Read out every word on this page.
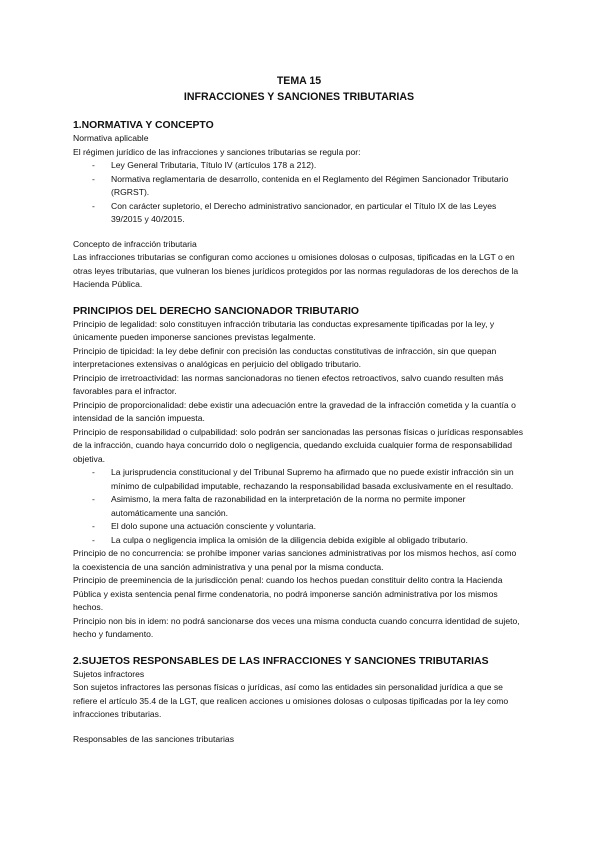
TEMA 15

INFRACCIONES Y SANCIONES TRIBUTARIAS

1.NORMATIVA Y CONCEPTO

Normativa aplicable

El régimen jurídico de las infracciones y sanciones tributarias se regula por:

- Ley General Tributaria, Título IV (artículos 178 a 212).
- Normativa reglamentaria de desarrollo, contenida en el Reglamento del Régimen Sancionador Tributario (RGRST).
- Con carácter supletorio, el Derecho administrativo sancionador, en particular el Título IX de las Leyes 39/2015 y 40/2015.

Concepto de infracción tributaria

Las infracciones tributarias se configuran como acciones u omisiones dolosas o culposas, tipificadas en la LGT o en otras leyes tributarias, que vulneran los bienes jurídicos protegidos por las normas reguladoras de los derechos de la Hacienda Pública.

PRINCIPIOS DEL DERECHO SANCIONADOR TRIBUTARIO

Principio de legalidad: solo constituyen infracción tributaria las conductas expresamente tipificadas por la ley, y únicamente pueden imponerse sanciones previstas legalmente.

Principio de tipicidad: la ley debe definir con precisión las conductas constitutivas de infracción, sin que quepan interpretaciones extensivas o analógicas en perjuicio del obligado tributario.

Principio de irretroactividad: las normas sancionadoras no tienen efectos retroactivos, salvo cuando resulten más favorables para el infractor.

Principio de proporcionalidad: debe existir una adecuación entre la gravedad de la infracción cometida y la cuantía o intensidad de la sanción impuesta.

Principio de responsabilidad o culpabilidad: solo podrán ser sancionadas las personas físicas o jurídicas responsables de la infracción, cuando haya concurrido dolo o negligencia, quedando excluida cualquier forma de responsabilidad objetiva.

- La jurisprudencia constitucional y del Tribunal Supremo ha afirmado que no puede existir infracción sin un mínimo de culpabilidad imputable, rechazando la responsabilidad basada exclusivamente en el resultado.
- Asimismo, la mera falta de razonabilidad en la interpretación de la norma no permite imponer automáticamente una sanción.
- El dolo supone una actuación consciente y voluntaria.
- La culpa o negligencia implica la omisión de la diligencia debida exigible al obligado tributario.

Principio de no concurrencia: se prohíbe imponer varias sanciones administrativas por los mismos hechos, así como la coexistencia de una sanción administrativa y una penal por la misma conducta.

Principio de preeminencia de la jurisdicción penal: cuando los hechos puedan constituir delito contra la Hacienda Pública y exista sentencia penal firme condenatoria, no podrá imponerse sanción administrativa por los mismos hechos.

Principio non bis in idem: no podrá sancionarse dos veces una misma conducta cuando concurra identidad de sujeto, hecho y fundamento.

2.SUJETOS RESPONSABLES DE LAS INFRACCIONES Y SANCIONES TRIBUTARIAS

Sujetos infractores

Son sujetos infractores las personas físicas o jurídicas, así como las entidades sin personalidad jurídica a que se refiere el artículo 35.4 de la LGT, que realicen acciones u omisiones dolosas o culposas tipificadas por la ley como infracciones tributarias.

Responsables de las sanciones tributarias
